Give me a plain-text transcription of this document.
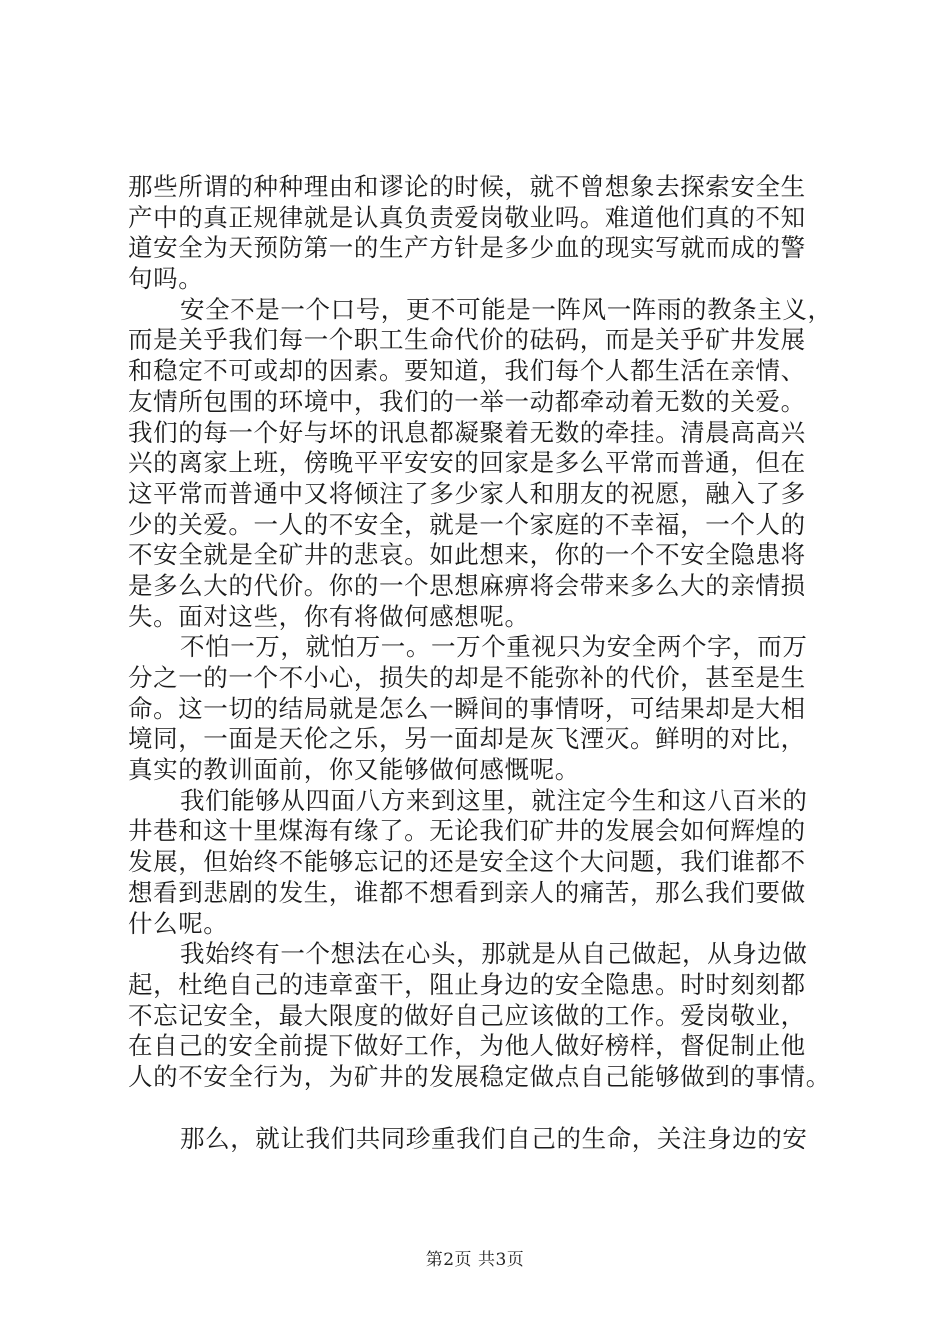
那些所谓的种种理由和谬论的时候，就不曾想象去探索安全生
产中的真正规律就是认真负责爱岗敬业吗。难道他们真的不知
道安全为天预防第一的生产方针是多少血的现实写就而成的警
句吗。
安全不是一个口号，更不可能是一阵风一阵雨的教条主义，
而是关乎我们每一个职工生命代价的砝码，而是关乎矿井发展
和稳定不可或却的因素。要知道，我们每个人都生活在亲情、
友情所包围的环境中，我们的一举一动都牵动着无数的关爱。
我们的每一个好与坏的讯息都凝聚着无数的牵挂。清晨高高兴
兴的离家上班，傍晚平平安安的回家是多么平常而普通，但在
这平常而普通中又将倾注了多少家人和朋友的祝愿，融入了多
少的关爱。一人的不安全，就是一个家庭的不幸福，一个人的
不安全就是全矿井的悲哀。如此想来，你的一个不安全隐患将
是多么大的代价。你的一个思想麻痹将会带来多么大的亲情损
失。面对这些，你有将做何感想呢。
不怕一万，就怕万一。一万个重视只为安全两个字，而万
分之一的一个不小心，损失的却是不能弥补的代价，甚至是生
命。这一切的结局就是怎么一瞬间的事情呀，可结果却是大相
境同，一面是天伦之乐，另一面却是灰飞湮灭。鲜明的对比，
真实的教训面前，你又能够做何感慨呢。
我们能够从四面八方来到这里，就注定今生和这八百米的
井巷和这十里煤海有缘了。无论我们矿井的发展会如何辉煌的
发展，但始终不能够忘记的还是安全这个大问题，我们谁都不
想看到悲剧的发生，谁都不想看到亲人的痛苦，那么我们要做
什么呢。
我始终有一个想法在心头，那就是从自己做起，从身边做
起，杜绝自己的违章蛮干，阻止身边的安全隐患。时时刻刻都
不忘记安全，最大限度的做好自己应该做的工作。爱岗敬业，
在自己的安全前提下做好工作，为他人做好榜样，督促制止他
人的不安全行为，为矿井的发展稳定做点自己能够做到的事情。
那么，就让我们共同珍重我们自己的生命，关注身边的安
第2页 共3页
